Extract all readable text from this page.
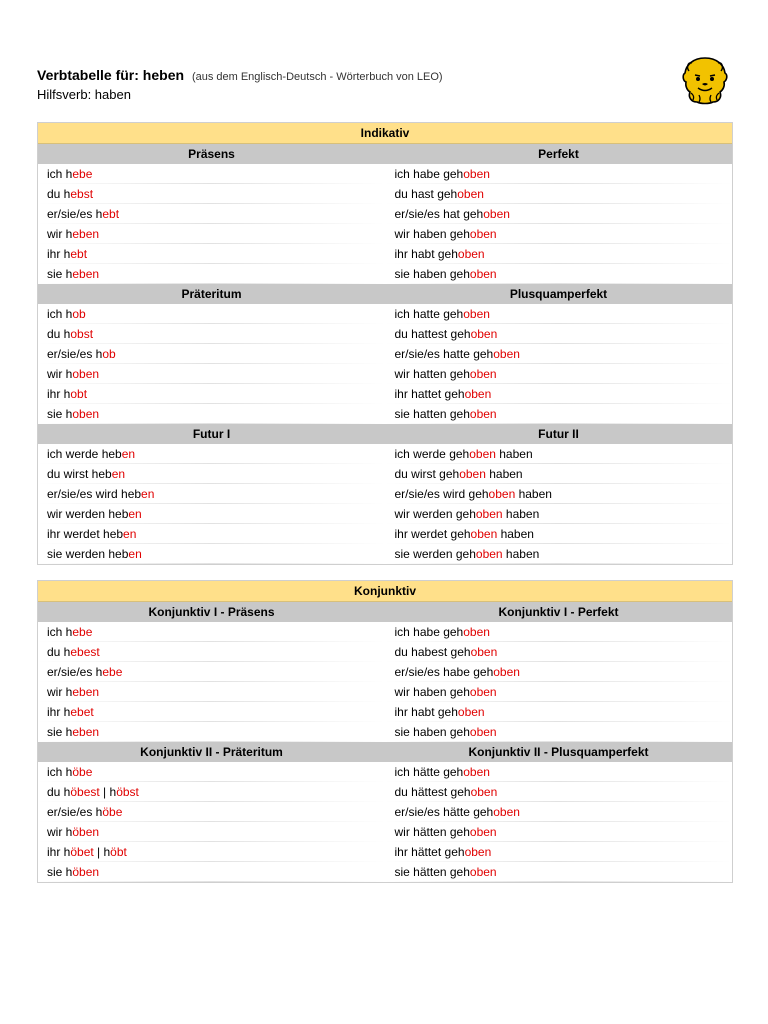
Verbtabelle für: heben (aus dem Englisch-Deutsch - Wörterbuch von LEO)
Hilfsverb: haben
Indikativ
Präsens	Perfekt
ich hebe	ich habe gehoben
du hebst	du hast gehoben
er/sie/es hebt	er/sie/es hat gehoben
wir heben	wir haben gehoben
ihr hebt	ihr habt gehoben
sie heben	sie haben gehoben
Präteritum	Plusquamperfekt
ich hob	ich hatte gehoben
du hobst	du hattest gehoben
er/sie/es hob	er/sie/es hatte gehoben
wir hoben	wir hatten gehoben
ihr hobt	ihr hattet gehoben
sie hoben	sie hatten gehoben
Futur I	Futur II
ich werde heben	ich werde gehoben haben
du wirst heben	du wirst gehoben haben
er/sie/es wird heben	er/sie/es wird gehoben haben
wir werden heben	wir werden gehoben haben
ihr werdet heben	ihr werdet gehoben haben
sie werden heben	sie werden gehoben haben
Konjunktiv
Konjunktiv I - Präsens	Konjunktiv I - Perfekt
ich hebe	ich habe gehoben
du hebest	du habest gehoben
er/sie/es hebe	er/sie/es habe gehoben
wir heben	wir haben gehoben
ihr hebet	ihr habt gehoben
sie heben	sie haben gehoben
Konjunktiv II - Präteritum	Konjunktiv II - Plusquamperfekt
ich höbe	ich hätte gehoben
du höbest | höbst	du hättest gehoben
er/sie/es höbe	er/sie/es hätte gehoben
wir höben	wir hätten gehoben
ihr höbet | höbt	ihr hättet gehoben
sie höben	sie hätten gehoben
